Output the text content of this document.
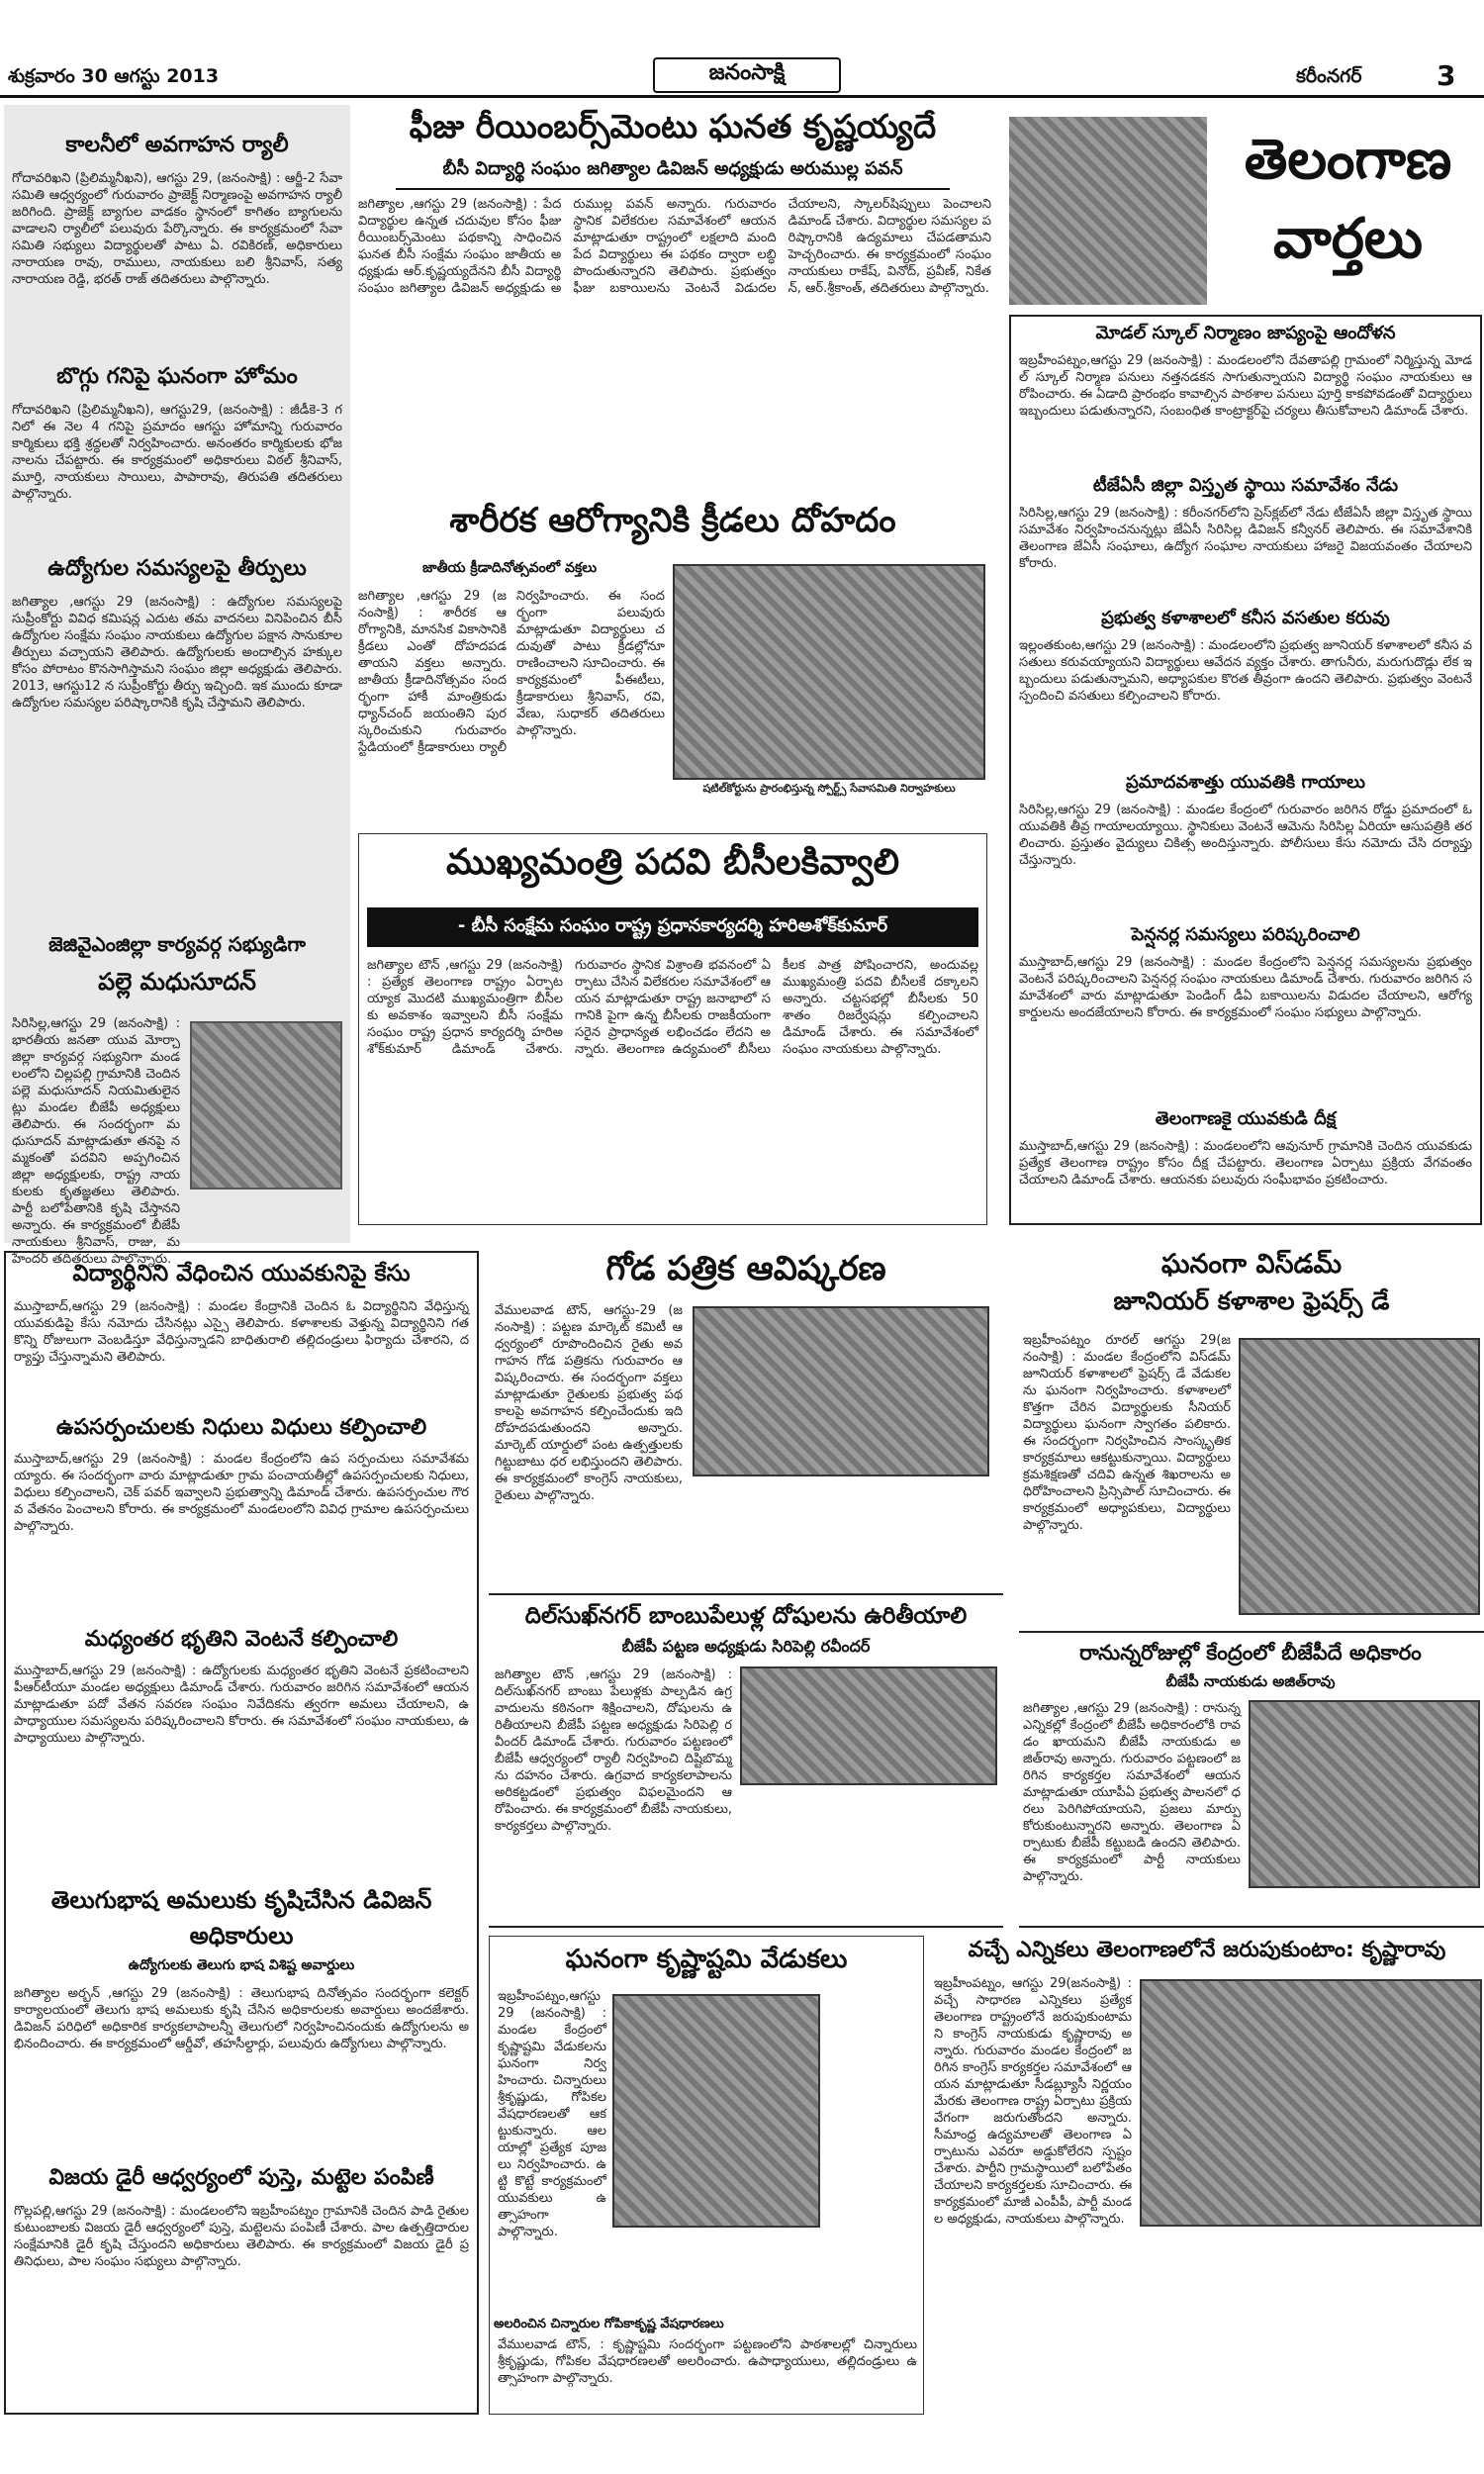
శుక్రవారం 30 ఆగస్టు 2013	జనంసాక్షి	కరీంనగర్	3
కాలనీలో అవగాహన ర్యాలీ
గోదావరిఖని (ప్రిలిమ్మనీఖని), ఆగస్టు 29, (జనంసాక్షి) : ఆర్జీ-2 సేవా సమితి ఆధ్వర్యంలో గురువారం ప్రాజెక్ట్ నిర్మాణంపై అవగాహన ర్యాలీ జరిగింది. ప్రాజెక్ట్ బ్యాగుల వాడకం స్థానంలో కాగితం బ్యాగులను వాడాలని ర్యాలీలో పలువురు పేర్కొన్నారు. ఈ కార్యక్రమంలో సేవా సమితి సభ్యులు విద్యార్థులతో పాటు ఏ. రవికిరణ్, అధికారులు నారాయణ రావు, రాములు, నాయకులు బలి శ్రీనివాస్, సత్యనారాయణ రెడ్డి, భరత్ రాజ్ తదితరులు పాల్గొన్నారు.
బొగ్గు గనిపై ఘనంగా హోమం
గోదావరిఖని (ప్రిలిమ్మనీఖని), ఆగస్టు29, (జనంసాక్షి) : జీడీకె-3 గనిలో ఈ నెల 4 గనిపై ప్రమాదం ఆగస్టు హోమాన్ని గురువారం కార్మికులు భక్తి శ్రద్ధలతో నిర్వహించారు. అనంతరం కార్మికులకు భోజనాలను చేపట్టారు. ఈ కార్యక్రమంలో అధికారులు విఠల్ శ్రీనివాస్, మూర్తి, నాయకులు సాయిలు, పాపారావు, తిరుపతి తదితరులు పాల్గొన్నారు.
ఉద్యోగుల సమస్యలపై తీర్పులు
జగిత్యాల ,ఆగస్టు 29 (జనంసాక్షి) : ఉద్యోగుల సమస్యలపై సుప్రీంకోర్టు వివిధ కమిషన్ల ఎదుట తమ వాదనలు వినిపించిన బీసీ ఉద్యోగుల సంక్షేమ సంఘం నాయకులు ఉద్యోగుల పక్షాన సానుకూల తీర్పులు వచ్చాయని తెలిపారు. ఉద్యోగులకు అందాల్సిన హక్కుల కోసం పోరాటం కొనసాగిస్తామని సంఘం జిల్లా అధ్యక్షుడు తెలిపారు. 2013, ఆగస్టు12 న సుప్రీంకోర్టు తీర్పు ఇచ్చింది. ఇక ముందు కూడా ఉద్యోగుల సమస్యల పరిష్కారానికి కృషి చేస్తామని తెలిపారు.
జెజివైఎంజిల్లా కార్యవర్గ సభ్యుడిగా
పల్లె మధుసూదన్
సిరిసిల్ల,ఆగస్టు 29 (జనంసాక్షి) :భారతీయ జనతా యువ మోర్చా జిల్లా కార్యవర్గ సభ్యునిగా మండలంలోని చిల్లపల్లి గ్రామానికి చెందిన పల్లె మధుసూదన్ నియమితులైనట్లు మండల బీజేపీ అధ్యక్షులు తెలిపారు. ఈ సందర్భంగా మధుసూదన్ మాట్లాడుతూ తనపై నమ్మకంతో పదవిని అప్పగించిన జిల్లా అధ్యక్షులకు, రాష్ట్ర నాయకులకు కృతజ్ఞతలు తెలిపారు. పార్టీ బలోపేతానికి కృషి చేస్తానని అన్నారు. ఈ కార్యక్రమంలో బీజేపీ నాయకులు శ్రీనివాస్, రాజు, మహేందర్ తదితరులు పాల్గొన్నారు.
ఫీజు రీయింబర్స్‌మెంటు ఘనత కృష్ణయ్యదే
బీసీ విద్యార్థి సంఘం జగిత్యాల డివిజన్ అధ్యక్షుడు అరుముల్ల పవన్
జగిత్యాల ,ఆగస్టు 29 (జనంసాక్షి) : పేద విద్యార్థుల ఉన్నత చదువుల కోసం ఫీజు రీయింబర్స్‌మెంటు పథకాన్ని సాధించిన ఘనత బీసీ సంక్షేమ సంఘం జాతీయ అధ్యక్షుడు ఆర్.కృష్ణయ్యదేనని బీసీ విద్యార్థి సంఘం జగిత్యాల డివిజన్ అధ్యక్షుడు అరుముల్ల పవన్ అన్నారు. గురువారం స్థానిక విలేకరుల సమావేశంలో ఆయన మాట్లాడుతూ రాష్ట్రంలో లక్షలాది మంది పేద విద్యార్థులు ఈ పథకం ద్వారా లబ్ధి పొందుతున్నారని తెలిపారు. ప్రభుత్వం ఫీజు బకాయిలను వెంటనే విడుదల చేయాలని, స్కాలర్‌షిప్పులు పెంచాలని డిమాండ్ చేశారు. విద్యార్థుల సమస్యల పరిష్కారానికి ఉద్యమాలు చేపడతామని హెచ్చరించారు. ఈ కార్యక్రమంలో సంఘం నాయకులు రాకేష్, వినోద్, ప్రవీణ్, నికేతన్, ఆర్.శ్రీకాంత్, తదితరులు పాల్గొన్నారు.
తెలంగాణ
వార్తలు
మోడల్ స్కూల్ నిర్మాణం జాప్యంపై ఆందోళన
ఇబ్రహీంపట్నం,ఆగస్టు 29 (జనంసాక్షి) : మండలంలోని దేవతాపల్లి గ్రామంలో నిర్మిస్తున్న మోడల్ స్కూల్ నిర్మాణ పనులు నత్తనడకన సాగుతున్నాయని విద్యార్థి సంఘం నాయకులు ఆరోపించారు. ఈ ఏడాది ప్రారంభం కావాల్సిన పాఠశాల పనులు పూర్తి కాకపోవడంతో విద్యార్థులు ఇబ్బందులు పడుతున్నారని, సంబంధిత కాంట్రాక్టర్‌పై చర్యలు తీసుకోవాలని డిమాండ్ చేశారు.
టీజేఏసీ జిల్లా విస్తృత స్థాయి సమావేశం నేడు
సిరిసిల్ల,ఆగస్టు 29 (జనంసాక్షి) : కరీంనగర్‌లోని ప్రెస్‌క్లబ్‌లో నేడు టీజేఏసీ జిల్లా విస్తృత స్థాయి సమావేశం నిర్వహించనున్నట్లు జేఏసీ సిరిసిల్ల డివిజన్ కన్వీనర్ తెలిపారు. ఈ సమావేశానికి తెలంగాణ జేఏసీ సంఘాలు, ఉద్యోగ సంఘాల నాయకులు హాజరై విజయవంతం చేయాలని కోరారు.
ప్రభుత్వ కళాశాలలో కనీస వసతుల కరువు
ఇల్లంతకుంట,ఆగస్టు 29 (జనంసాక్షి) : మండలంలోని ప్రభుత్వ జూనియర్ కళాశాలలో కనీస వసతులు కరువయ్యాయని విద్యార్థులు ఆవేదన వ్యక్తం చేశారు. తాగునీరు, మరుగుదొడ్లు లేక ఇబ్బందులు పడుతున్నామని, అధ్యాపకుల కొరత తీవ్రంగా ఉందని తెలిపారు. ప్రభుత్వం వెంటనే స్పందించి వసతులు కల్పించాలని కోరారు.
ప్రమాదవశాత్తు యువతికి గాయాలు
సిరిసిల్ల,ఆగస్టు 29 (జనంసాక్షి) : మండల కేంద్రంలో గురువారం జరిగిన రోడ్డు ప్రమాదంలో ఓ యువతికి తీవ్ర గాయాలయ్యాయి. స్థానికులు వెంటనే ఆమెను సిరిసిల్ల ఏరియా ఆసుపత్రికి తరలించారు. ప్రస్తుతం వైద్యులు చికిత్స అందిస్తున్నారు. పోలీసులు కేసు నమోదు చేసి దర్యాప్తు చేస్తున్నారు.
పెన్షనర్ల సమస్యలు పరిష్కరించాలి
ముస్తాబాద్,ఆగస్టు 29 (జనంసాక్షి) : మండల కేంద్రంలోని పెన్షనర్ల సమస్యలను ప్రభుత్వం వెంటనే పరిష్కరించాలని పెన్షనర్ల సంఘం నాయకులు డిమాండ్ చేశారు. గురువారం జరిగిన సమావేశంలో వారు మాట్లాడుతూ పెండింగ్ డీఏ బకాయిలను విడుదల చేయాలని, ఆరోగ్య కార్డులను అందజేయాలని కోరారు. ఈ కార్యక్రమంలో సంఘం సభ్యులు పాల్గొన్నారు.
తెలంగాణకై యువకుడి దీక్ష
ముస్తాబాద్,ఆగస్టు 29 (జనంసాక్షి) : మండలంలోని ఆవునూర్ గ్రామానికి చెందిన యువకుడు ప్రత్యేక తెలంగాణ రాష్ట్రం కోసం దీక్ష చేపట్టారు. తెలంగాణ ఏర్పాటు ప్రక్రియ వేగవంతం చేయాలని డిమాండ్ చేశారు. ఆయనకు పలువురు సంఘీభావం ప్రకటించారు.
శారీరక ఆరోగ్యానికి క్రీడలు దోహదం
జాతీయ క్రీడాదినోత్సవంలో వక్తలు
జగిత్యాల ,ఆగస్టు 29 (జనంసాక్షి) : శారీరక ఆరోగ్యానికి, మానసిక వికాసానికి క్రీడలు ఎంతో దోహదపడతాయని వక్తలు అన్నారు. జాతీయ క్రీడాదినోత్సవం సందర్భంగా హాకీ మాంత్రికుడు ధ్యాన్‌చంద్ జయంతిని పురస్కరించుకుని గురువారం స్టేడియంలో క్రీడాకారులు ర్యాలీ నిర్వహించారు. ఈ సందర్భంగా పలువురు మాట్లాడుతూ విద్యార్థులు చదువుతో పాటు క్రీడల్లోనూ రాణించాలని సూచించారు. ఈ కార్యక్రమంలో పీఈటీలు, క్రీడాకారులు శ్రీనివాస్, రవి, వేణు, సుధాకర్ తదితరులు పాల్గొన్నారు.
షటిల్‌కోర్టును ప్రారంభిస్తున్న స్పోర్ట్స్ సేవాసమితి నిర్వాహకులు
ముఖ్యమంత్రి పదవి బీసీలకివ్వాలి
- బీసీ సంక్షేమ సంఘం రాష్ట్ర ప్రధానకార్యదర్శి హరిఅశోక్‌కుమార్
జగిత్యాల టౌన్ ,ఆగస్టు 29 (జనంసాక్షి) : ప్రత్యేక తెలంగాణ రాష్ట్రం ఏర్పాటయ్యాక మొదటి ముఖ్యమంత్రిగా బీసీలకు అవకాశం ఇవ్వాలని బీసీ సంక్షేమ సంఘం రాష్ట్ర ప్రధాన కార్యదర్శి హరిఅశోక్‌కుమార్ డిమాండ్ చేశారు. గురువారం స్థానిక విశ్రాంతి భవనంలో ఏర్పాటు చేసిన విలేకరుల సమావేశంలో ఆయన మాట్లాడుతూ రాష్ట్ర జనాభాలో సగానికి పైగా ఉన్న బీసీలకు రాజకీయంగా సరైన ప్రాధాన్యత లభించడం లేదని అన్నారు. తెలంగాణ ఉద్యమంలో బీసీలు కీలక పాత్ర పోషించారని, అందువల్ల ముఖ్యమంత్రి పదవి బీసీలకే దక్కాలని అన్నారు. చట్టసభల్లో బీసీలకు 50 శాతం రిజర్వేషన్లు కల్పించాలని డిమాండ్ చేశారు. ఈ సమావేశంలో సంఘం నాయకులు పాల్గొన్నారు.
విద్యార్థినిని వేధించిన యువకునిపై కేసు
ముస్తాబాద్,ఆగస్టు 29 (జనంసాక్షి) : మండల కేంద్రానికి చెందిన ఓ విద్యార్థినిని వేధిస్తున్న యువకుడిపై కేసు నమోదు చేసినట్లు ఎస్సై తెలిపారు. కళాశాలకు వెళ్తున్న విద్యార్థినిని గత కొన్ని రోజులుగా వెంబడిస్తూ వేధిస్తున్నాడని బాధితురాలి తల్లిదండ్రులు ఫిర్యాదు చేశారని, దర్యాప్తు చేస్తున్నామని తెలిపారు.
ఉపసర్పంచులకు నిధులు విధులు కల్పించాలి
ముస్తాబాద్,ఆగస్టు 29 (జనంసాక్షి) : మండల కేంద్రంలోని ఉప సర్పంచులు సమావేశమయ్యారు. ఈ సందర్భంగా వారు మాట్లాడుతూ గ్రామ పంచాయతీల్లో ఉపసర్పంచులకు నిధులు, విధులు కల్పించాలని, చెక్ పవర్ ఇవ్వాలని ప్రభుత్వాన్ని డిమాండ్ చేశారు. ఉపసర్పంచుల గౌరవ వేతనం పెంచాలని కోరారు. ఈ కార్యక్రమంలో మండలంలోని వివిధ గ్రామాల ఉపసర్పంచులు పాల్గొన్నారు.
మధ్యంతర భృతిని వెంటనే కల్పించాలి
ముస్తాబాద్,ఆగస్టు 29 (జనంసాక్షి) : ఉద్యోగులకు మధ్యంతర భృతిని వెంటనే ప్రకటించాలని పీఆర్‌టీయూ మండల అధ్యక్షులు డిమాండ్ చేశారు. గురువారం జరిగిన సమావేశంలో ఆయన మాట్లాడుతూ పదో వేతన సవరణ సంఘం నివేదికను త్వరగా అమలు చేయాలని, ఉపాధ్యాయుల సమస్యలను పరిష్కరించాలని కోరారు. ఈ సమావేశంలో సంఘం నాయకులు, ఉపాధ్యాయులు పాల్గొన్నారు.
తెలుగుభాష అమలుకు కృషిచేసిన డివిజన్ అధికారులు
ఉద్యోగులకు తెలుగు భాష విశిష్ట అవార్డులు
జగిత్యాల అర్బన్ ,ఆగస్టు 29 (జనంసాక్షి) : తెలుగుభాష దినోత్సవం సందర్భంగా కలెక్టర్ కార్యాలయంలో తెలుగు భాష అమలుకు కృషి చేసిన అధికారులకు అవార్డులు అందజేశారు. డివిజన్ పరిధిలో అధికారిక కార్యకలాపాలన్నీ తెలుగులో నిర్వహించినందుకు ఉద్యోగులను అభినందించారు. ఈ కార్యక్రమంలో ఆర్డీవో, తహసీల్దార్లు, పలువురు ఉద్యోగులు పాల్గొన్నారు.
విజయ డైరీ ఆధ్వర్యంలో పుస్తె, మట్టెల పంపిణీ
గొల్లపల్లి,ఆగస్టు 29 (జనంసాక్షి) : మండలంలోని ఇబ్రహీంపట్నం గ్రామానికి చెందిన పాడి రైతుల కుటుంబాలకు విజయ డైరీ ఆధ్వర్యంలో పుస్తె, మట్టెలను పంపిణీ చేశారు. పాల ఉత్పత్తిదారుల సంక్షేమానికి డైరీ కృషి చేస్తుందని అధికారులు తెలిపారు. ఈ కార్యక్రమంలో విజయ డైరీ ప్రతినిధులు, పాల సంఘం సభ్యులు పాల్గొన్నారు.
గోడ పత్రిక ఆవిష్కరణ
వేములవాడ టౌన్, ఆగస్టు-29 (జనంసాక్షి) : పట్టణ మార్కెట్ కమిటీ ఆధ్వర్యంలో రూపొందించిన రైతు అవగాహన గోడ పత్రికను గురువారం ఆవిష్కరించారు. ఈ సందర్భంగా వక్తలు మాట్లాడుతూ రైతులకు ప్రభుత్వ పథకాలపై అవగాహన కల్పించేందుకు ఇది దోహదపడుతుందని అన్నారు. మార్కెట్ యార్డులో పంట ఉత్పత్తులకు గిట్టుబాటు ధర లభిస్తుందని తెలిపారు. ఈ కార్యక్రమంలో కాంగ్రెస్ నాయకులు, రైతులు పాల్గొన్నారు.
దిల్‌సుఖ్‌నగర్ బాంబుపేలుళ్ల దోషులను ఉరితీయాలి
బీజేపీ పట్టణ అధ్యక్షుడు సిరిపెల్లి రవీందర్
జగిత్యాల టౌన్ ,ఆగస్టు 29 (జనంసాక్షి) : దిల్‌సుఖ్‌నగర్ బాంబు పేలుళ్లకు పాల్పడిన ఉగ్రవాదులను కఠినంగా శిక్షించాలని, దోషులను ఉరితీయాలని బీజేపీ పట్టణ అధ్యక్షుడు సిరిపెల్లి రవీందర్ డిమాండ్ చేశారు. గురువారం పట్టణంలో బీజేపీ ఆధ్వర్యంలో ర్యాలీ నిర్వహించి దిష్టిబొమ్మను దహనం చేశారు. ఉగ్రవాద కార్యకలాపాలను అరికట్టడంలో ప్రభుత్వం విఫలమైందని ఆరోపించారు. ఈ కార్యక్రమంలో బీజేపీ నాయకులు, కార్యకర్తలు పాల్గొన్నారు.
ఘనంగా కృష్ణాష్టమి వేడుకలు
ఇబ్రహీంపట్నం,ఆగస్టు 29 (జనంసాక్షి) : మండల కేంద్రంలో కృష్ణాష్టమి వేడుకలను ఘనంగా నిర్వహించారు. చిన్నారులు శ్రీకృష్ణుడు, గోపికల వేషధారణలతో ఆకట్టుకున్నారు. ఆలయాల్లో ప్రత్యేక పూజలు నిర్వహించారు. ఉట్టి కొట్టే కార్యక్రమంలో యువకులు ఉత్సాహంగా పాల్గొన్నారు.
అలరించిన చిన్నారుల గోపికాకృష్ణ వేషధారణలు
వేములవాడ టౌన్, : కృష్ణాష్టమి సందర్భంగా పట్టణంలోని పాఠశాలల్లో చిన్నారులు శ్రీకృష్ణుడు, గోపికల వేషధారణలతో అలరించారు. ఉపాధ్యాయులు, తల్లిదండ్రులు ఉత్సాహంగా పాల్గొన్నారు.
ఘనంగా విస్‌డమ్
జూనియర్ కళాశాల ఫ్రెషర్స్ డే
ఇబ్రహీంపట్నం రూరల్ ఆగస్టు 29(జనంసాక్షి) : మండల కేంద్రంలోని విస్‌డమ్ జూనియర్ కళాశాలలో ఫ్రెషర్స్ డే వేడుకలను ఘనంగా నిర్వహించారు. కళాశాలలో కొత్తగా చేరిన విద్యార్థులకు సీనియర్ విద్యార్థులు ఘనంగా స్వాగతం పలికారు. ఈ సందర్భంగా నిర్వహించిన సాంస్కృతిక కార్యక్రమాలు ఆకట్టుకున్నాయి. విద్యార్థులు క్రమశిక్షణతో చదివి ఉన్నత శిఖరాలను అధిరోహించాలని ప్రిన్సిపాల్ సూచించారు. ఈ కార్యక్రమంలో అధ్యాపకులు, విద్యార్థులు పాల్గొన్నారు.
రానున్నరోజుల్లో కేంద్రంలో బీజేపీదే అధికారం
బీజేపీ నాయకుడు అజిత్‌రావు
జగిత్యాల ,ఆగస్టు 29 (జనంసాక్షి) : రానున్న ఎన్నికల్లో కేంద్రంలో బీజేపీ అధికారంలోకి రావడం ఖాయమని బీజేపీ నాయకుడు అజిత్‌రావు అన్నారు. గురువారం పట్టణంలో జరిగిన కార్యకర్తల సమావేశంలో ఆయన మాట్లాడుతూ యూపీఏ ప్రభుత్వ పాలనలో ధరలు పెరిగిపోయాయని, ప్రజలు మార్పు కోరుకుంటున్నారని అన్నారు. తెలంగాణ ఏర్పాటుకు బీజేపీ కట్టుబడి ఉందని తెలిపారు. ఈ కార్యక్రమంలో పార్టీ నాయకులు పాల్గొన్నారు.
వచ్చే ఎన్నికలు తెలంగాణలోనే జరుపుకుంటాం: కృష్ణారావు
ఇబ్రహీంపట్నం, ఆగస్టు 29(జనంసాక్షి) : వచ్చే సాధారణ ఎన్నికలు ప్రత్యేక తెలంగాణ రాష్ట్రంలోనే జరుపుకుంటామని కాంగ్రెస్ నాయకుడు కృష్ణారావు అన్నారు. గురువారం మండల కేంద్రంలో జరిగిన కాంగ్రెస్ కార్యకర్తల సమావేశంలో ఆయన మాట్లాడుతూ సీడబ్ల్యూసీ నిర్ణయం మేరకు తెలంగాణ రాష్ట్ర ఏర్పాటు ప్రక్రియ వేగంగా జరుగుతోందని అన్నారు. సీమాంధ్ర ఉద్యమాలతో తెలంగాణ ఏర్పాటును ఎవరూ అడ్డుకోలేరని స్పష్టం చేశారు. పార్టీని గ్రామస్థాయిలో బలోపేతం చేయాలని కార్యకర్తలకు సూచించారు. ఈ కార్యక్రమంలో మాజీ ఎంపీపీ, పార్టీ మండల అధ్యక్షుడు, నాయకులు పాల్గొన్నారు.
